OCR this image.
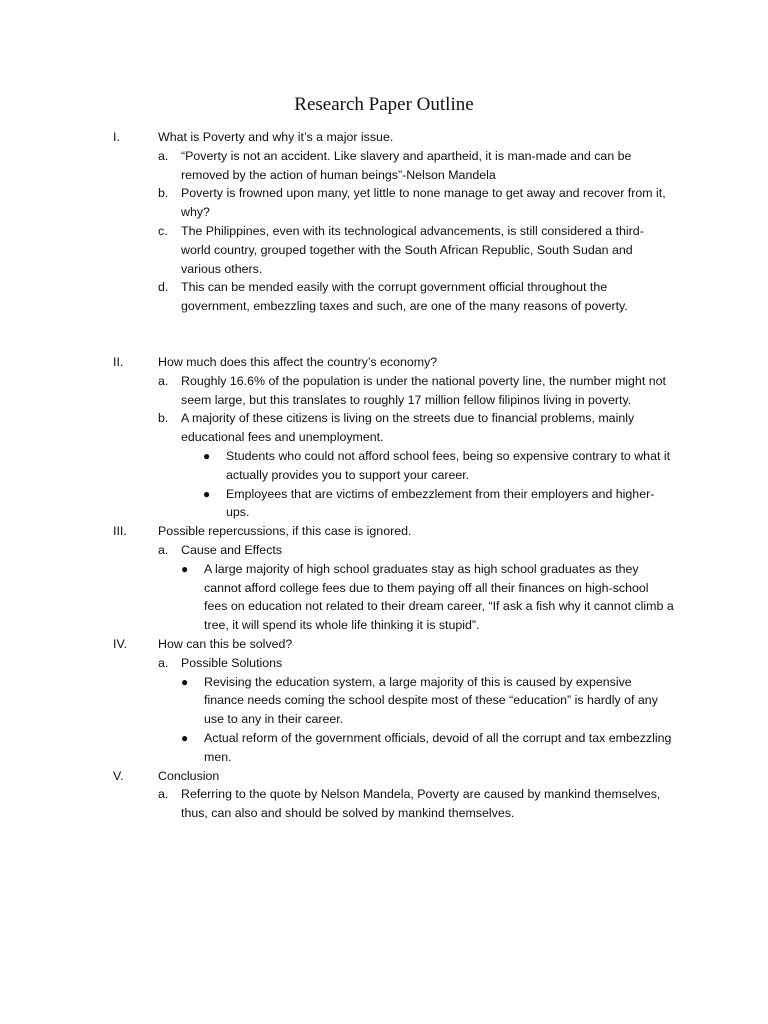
Research Paper Outline
I.	What is Poverty and why it’s a major issue.
a.	“Poverty is not an accident. Like slavery and apartheid, it is man-made and can be removed by the action of human beings”-Nelson Mandela
b.	Poverty is frowned upon many, yet little to none manage to get away and recover from it, why?
c.	The Philippines, even with its technological advancements, is still considered a third-world country, grouped together with the South African Republic, South Sudan and various others.
d.	This can be mended easily with the corrupt government official throughout the government, embezzling taxes and such, are one of the many reasons of poverty.
II.	How much does this affect the country’s economy?
a.	Roughly 16.6% of the population is under the national poverty line, the number might not seem large, but this translates to roughly 17 million fellow filipinos living in poverty.
b.	A majority of these citizens is living on the streets due to financial problems, mainly educational fees and unemployment.
● Students who could not afford school fees, being so expensive contrary to what it actually provides you to support your career.
● Employees that are victims of embezzlement from their employers and higher-ups.
III.	Possible repercussions, if this case is ignored.
a.	Cause and Effects
● A large majority of high school graduates stay as high school graduates as they cannot afford college fees due to them paying off all their finances on high-school fees on education not related to their dream career, “If ask a fish why it cannot climb a tree, it will spend its whole life thinking it is stupid”.
IV.	How can this be solved?
a.	Possible Solutions
● Revising the education system, a large majority of this is caused by expensive finance needs coming the school despite most of these “education” is hardly of any use to any in their career.
● Actual reform of the government officials, devoid of all the corrupt and tax embezzling men.
V.	Conclusion
a.	Referring to the quote by Nelson Mandela, Poverty are caused by mankind themselves, thus, can also and should be solved by mankind themselves.
